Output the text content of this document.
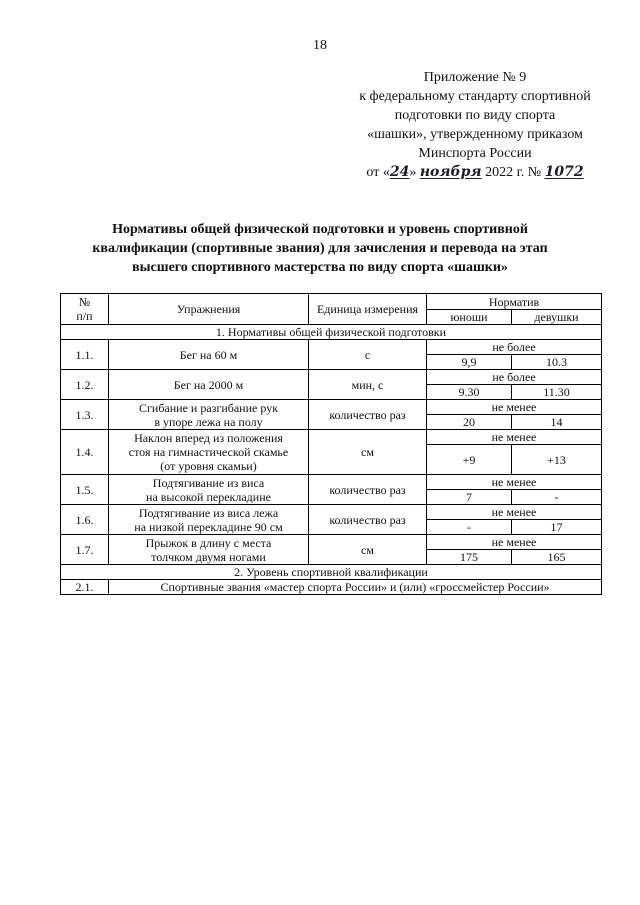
18
Приложение № 9
к федеральному стандарту спортивной
подготовки по виду спорта
«шашки», утвержденному приказом
Минспорта России
от «24» ноября 2022 г. № 1072
Нормативы общей физической подготовки и уровень спортивной квалификации (спортивные звания) для зачисления и перевода на этап высшего спортивного мастерства по виду спорта «шашки»
№
п/п	Упражнения	Единица измерения	Норматив	
			юноши	девушки
1. Нормативы общей физической подготовки				
1.1.	Бег на 60 м	с	не более	
			9,9	10.3
1.2.	Бег на 2000 м	мин, с	не более	
			9.30	11.30
1.3.	Сгибание и разгибание рук
в упоре лежа на полу	количество раз	не менее	
			20	14
1.4.	Наклон вперед из положения
стоя на гимнастической скамье
(от уровня скамьи)	см	не менее	
			+9	+13
1.5.	Подтягивание из виса
на высокой перекладине	количество раз	не менее	
			7	-
1.6.	Подтягивание из виса лежа
на низкой перекладине 90 см	количество раз	не менее	
			-	17
1.7.	Прыжок в длину с места
толчком двумя ногами	см	не менее	
			175	165
2. Уровень спортивной квалификации				
2.1.	Спортивные звания «мастер спорта России» и (или) «гроссмейстер России»			
